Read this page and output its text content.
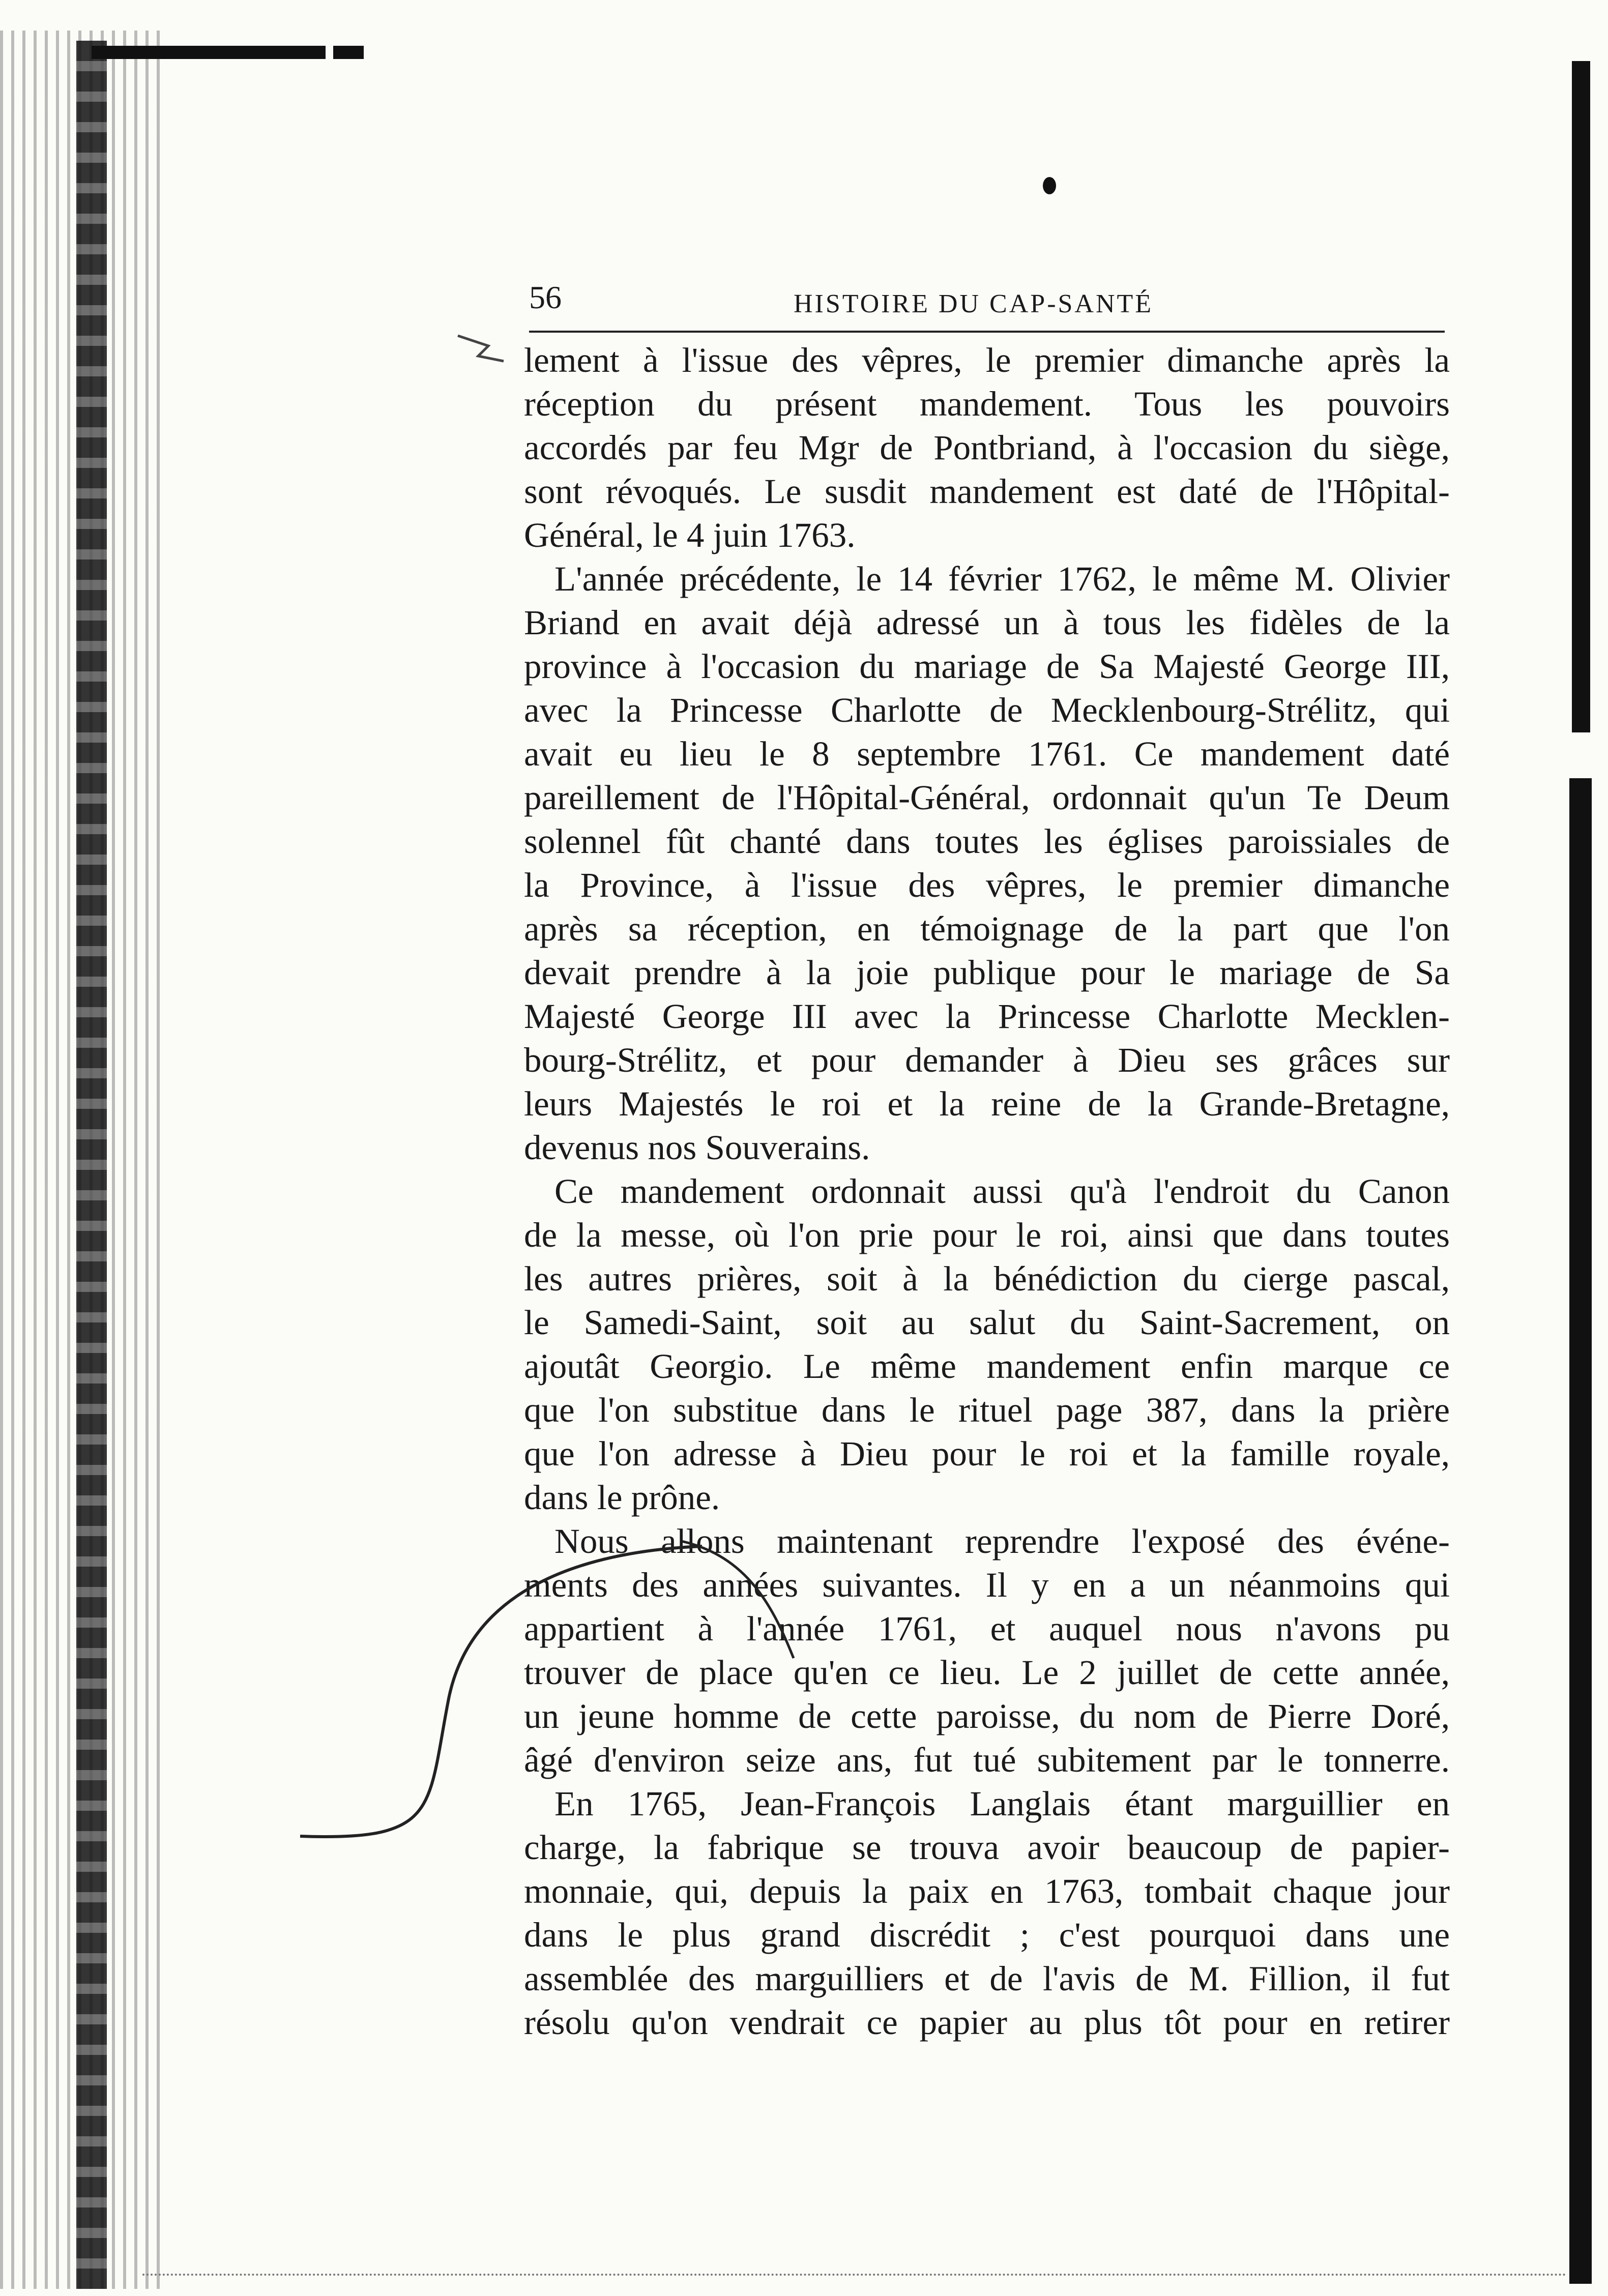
56	HISTOIRE DU CAP-SANTÉ
lement à l'issue des vêpres, le premier dimanche après la
réception du présent mandement. Tous les pouvoirs
accordés par feu Mgr de Pontbriand, à l'occasion du siège,
sont révoqués. Le susdit mandement est daté de l'Hôpital-
Général, le 4 juin 1763.
L'année précédente, le 14 février 1762, le même M. Olivier
Briand en avait déjà adressé un à tous les fidèles de la
province à l'occasion du mariage de Sa Majesté George III,
avec la Princesse Charlotte de Mecklenbourg-Strélitz, qui
avait eu lieu le 8 septembre 1761. Ce mandement daté
pareillement de l'Hôpital-Général, ordonnait qu'un Te Deum
solennel fût chanté dans toutes les églises paroissiales de
la Province, à l'issue des vêpres, le premier dimanche
après sa réception, en témoignage de la part que l'on
devait prendre à la joie publique pour le mariage de Sa
Majesté George III avec la Princesse Charlotte Mecklen-
bourg-Strélitz, et pour demander à Dieu ses grâces sur
leurs Majestés le roi et la reine de la Grande-Bretagne,
devenus nos Souverains.
Ce mandement ordonnait aussi qu'à l'endroit du Canon
de la messe, où l'on prie pour le roi, ainsi que dans toutes
les autres prières, soit à la bénédiction du cierge pascal,
le Samedi-Saint, soit au salut du Saint-Sacrement, on
ajoutât Georgio. Le même mandement enfin marque ce
que l'on substitue dans le rituel page 387, dans la prière
que l'on adresse à Dieu pour le roi et la famille royale,
dans le prône.
Nous allons maintenant reprendre l'exposé des événe-
ments des années suivantes. Il y en a un néanmoins qui
appartient à l'année 1761, et auquel nous n'avons pu
trouver de place qu'en ce lieu. Le 2 juillet de cette année,
un jeune homme de cette paroisse, du nom de Pierre Doré,
âgé d'environ seize ans, fut tué subitement par le tonnerre.
En 1765, Jean-François Langlais étant marguillier en
charge, la fabrique se trouva avoir beaucoup de papier-
monnaie, qui, depuis la paix en 1763, tombait chaque jour
dans le plus grand discrédit ; c'est pourquoi dans une
assemblée des marguilliers et de l'avis de M. Fillion, il fut
résolu qu'on vendrait ce papier au plus tôt pour en retirer
